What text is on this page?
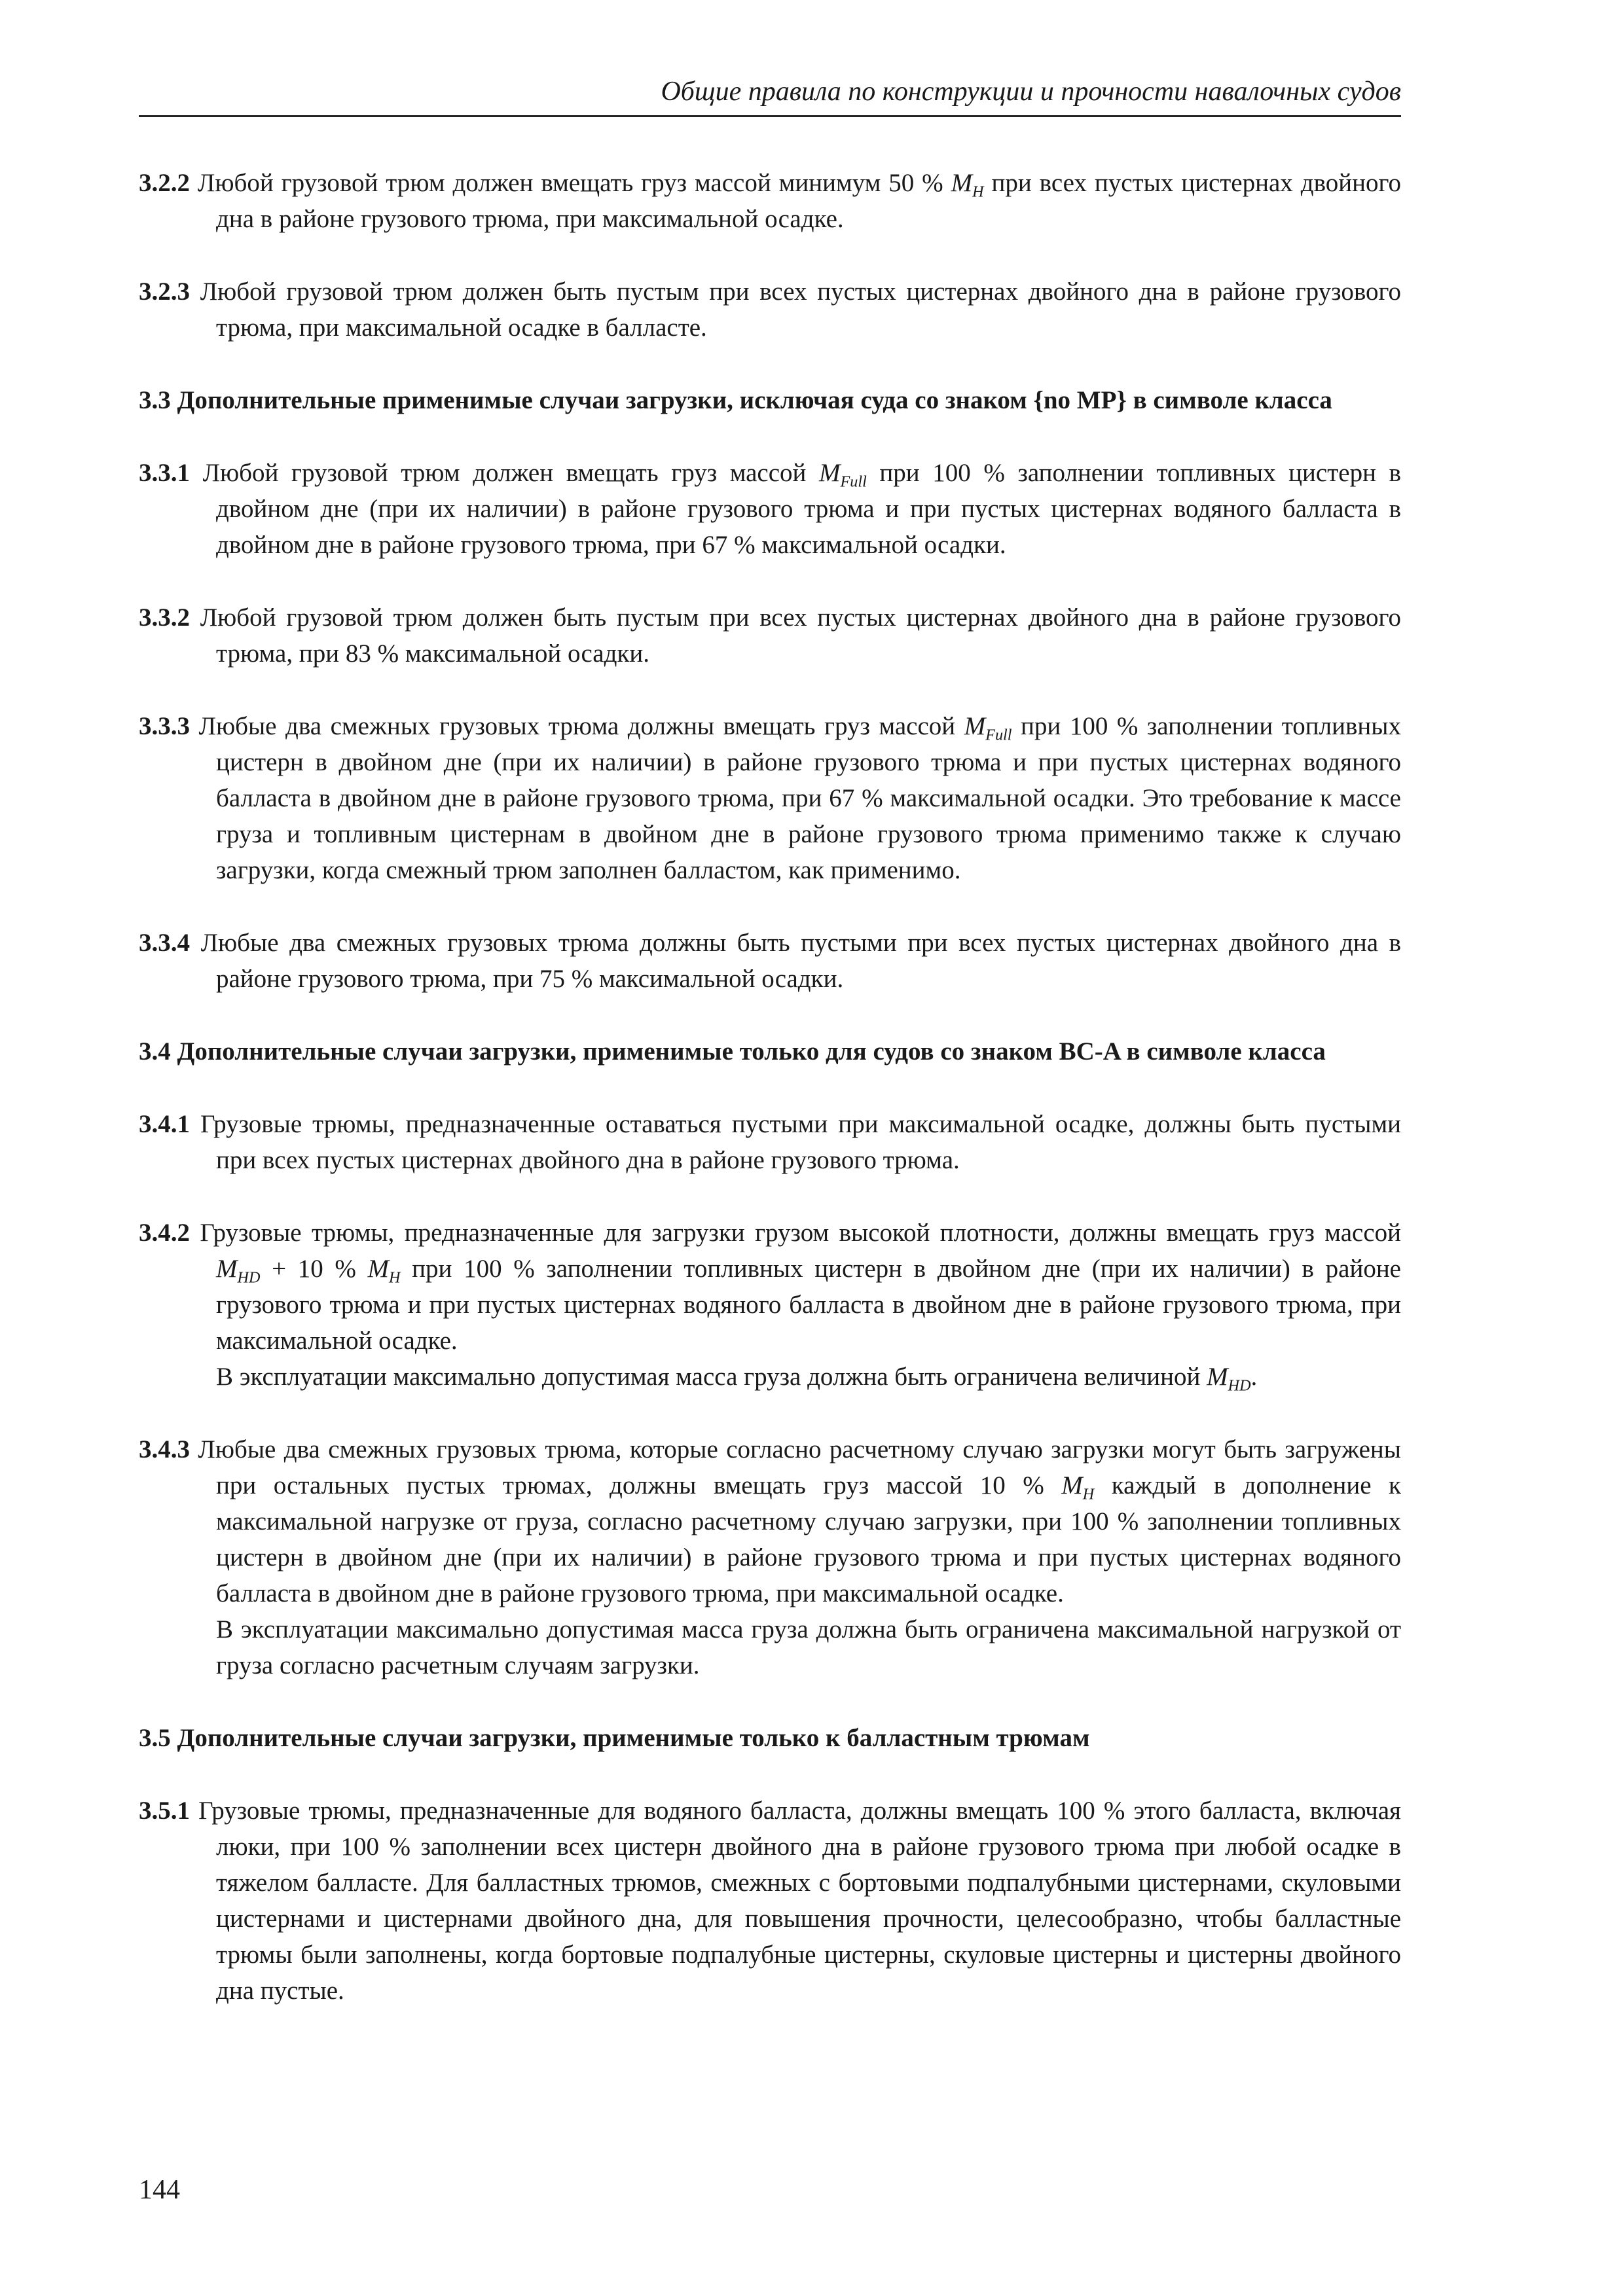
Общие правила по конструкции и прочности навалочных судов
3.2.2 Любой грузовой трюм должен вмещать груз массой минимум 50 % $M_H$ при всех пустых цистернах двойного дна в районе грузового трюма, при максимальной осадке.
3.2.3 Любой грузовой трюм должен быть пустым при всех пустых цистернах двойного дна в районе грузового трюма, при максимальной осадке в балласте.
3.3 Дополнительные применимые случаи загрузки, исключая суда со знаком {no MP} в символе класса
3.3.1 Любой грузовой трюм должен вмещать груз массой $M_{Full}$ при 100 % заполнении топливных цистерн в двойном дне (при их наличии) в районе грузового трюма и при пустых цистернах водяного балласта в двойном дне в районе грузового трюма, при 67 % максимальной осадки.
3.3.2 Любой грузовой трюм должен быть пустым при всех пустых цистернах двойного дна в районе грузового трюма, при 83 % максимальной осадки.
3.3.3 Любые два смежных грузовых трюма должны вмещать груз массой $M_{Full}$ при 100 % заполнении топливных цистерн в двойном дне (при их наличии) в районе грузового трюма и при пустых цистернах водяного балласта в двойном дне в районе грузового трюма, при 67 % максимальной осадки. Это требование к массе груза и топливным цистернам в двойном дне в районе грузового трюма применимо также к случаю загрузки, когда смежный трюм заполнен балластом, как применимо.
3.3.4 Любые два смежных грузовых трюма должны быть пустыми при всех пустых цистернах двойного дна в районе грузового трюма, при 75 % максимальной осадки.
3.4 Дополнительные случаи загрузки, применимые только для судов со знаком BC-A в символе класса
3.4.1 Грузовые трюмы, предназначенные оставаться пустыми при максимальной осадке, должны быть пустыми при всех пустых цистернах двойного дна в районе грузового трюма.
3.4.2 Грузовые трюмы, предназначенные для загрузки грузом высокой плотности, должны вмещать груз массой $M_{HD} + 10$ % $M_H$ при 100 % заполнении топливных цистерн в двойном дне (при их наличии) в районе грузового трюма и при пустых цистернах водяного балласта в двойном дне в районе грузового трюма, при максимальной осадке.
В эксплуатации максимально допустимая масса груза должна быть ограничена величиной $M_{HD}$.
3.4.3 Любые два смежных грузовых трюма, которые согласно расчетному случаю загрузки могут быть загружены при остальных пустых трюмах, должны вмещать груз массой 10 % $M_H$ каждый в дополнение к максимальной нагрузке от груза, согласно расчетному случаю загрузки, при 100 % заполнении топливных цистерн в двойном дне (при их наличии) в районе грузового трюма и при пустых цистернах водяного балласта в двойном дне в районе грузового трюма, при максимальной осадке.
В эксплуатации максимально допустимая масса груза должна быть ограничена максимальной нагрузкой от груза согласно расчетным случаям загрузки.
3.5 Дополнительные случаи загрузки, применимые только к балластным трюмам
3.5.1 Грузовые трюмы, предназначенные для водяного балласта, должны вмещать 100 % этого балласта, включая люки, при 100 % заполнении всех цистерн двойного дна в районе грузового трюма при любой осадке в тяжелом балласте. Для балластных трюмов, смежных с бортовыми подпалубными цистернами, скуловыми цистернами и цистернами двойного дна, для повышения прочности, целесообразно, чтобы балластные трюмы были заполнены, когда бортовые подпалубные цистерны, скуловые цистерны и цистерны двойного дна пустые.
144
